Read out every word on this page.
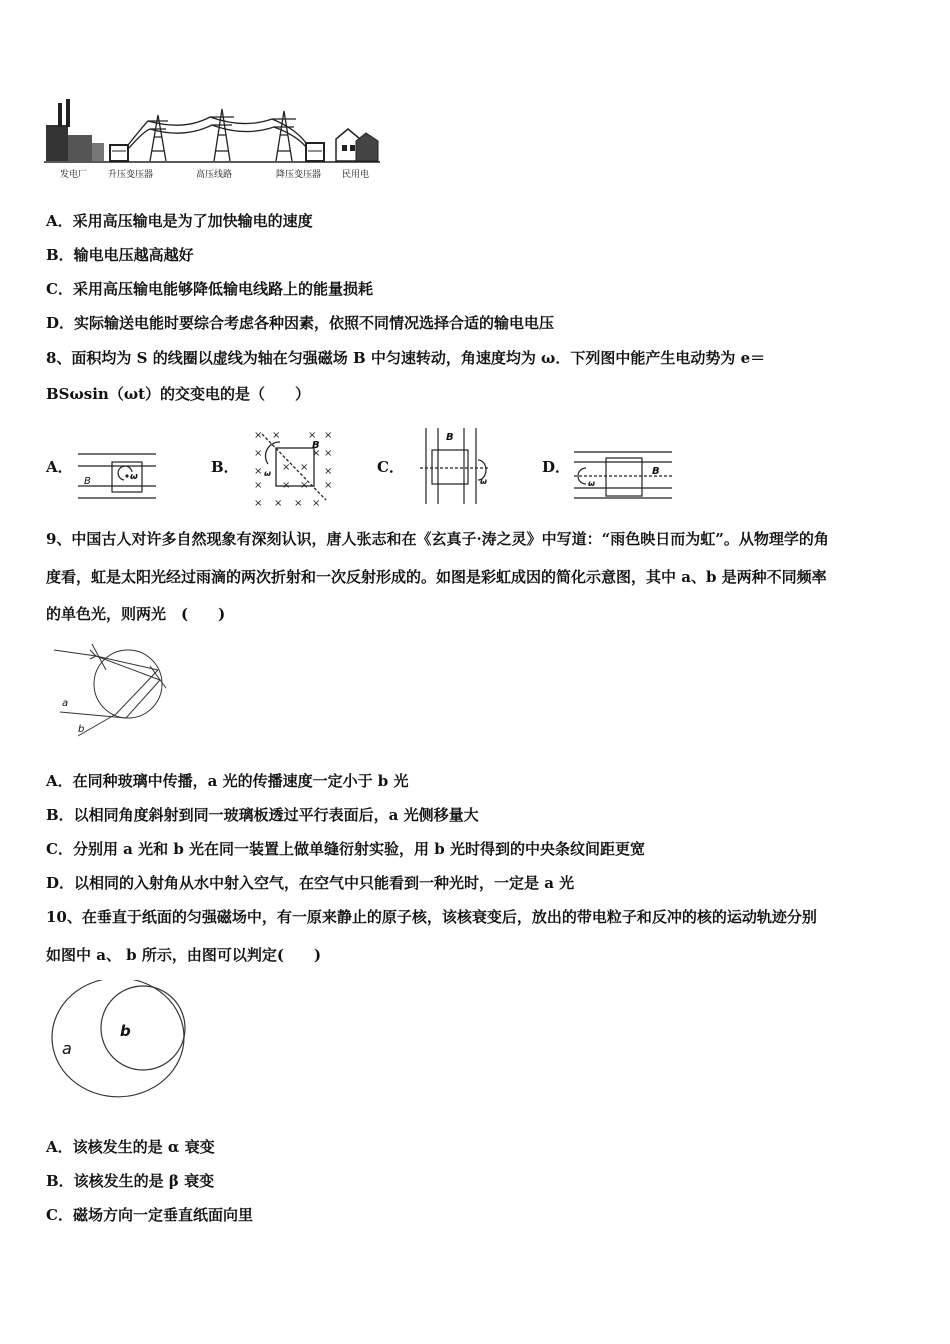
发电厂 升压变压器	高压线路	降压变压器 民用电
A．采用高压输电是为了加快输电的速度
B．输电电压越高越好
C．采用高压输电能够降低输电线路上的能量损耗
D．实际输送电能时要综合考虑各种因素，依照不同情况选择合适的输电电压
8、面积均为 S 的线圈以虚线为轴在匀强磁场 B 中匀速转动，角速度均为 ω．下列图中能产生电动势为 e＝
BSωsin（ωt）的交变电的是（　　）
A．
ω
B
B．
× ×	× ×
×	× ×
× × × ×
× × × ×
× × × ×
B
ω	C．
B
ω
D．	B
ω
9、中国古人对许多自然现象有深刻认识，唐人张志和在《玄真子·涛之灵》中写道：“雨色映日而为虹”。从物理学的角
度看，虹是太阳光经过雨滴的两次折射和一次反射形成的。如图是彩虹成因的简化示意图，其中 a、b 是两种不同频率
的单色光，则两光　(　　)
a
b
A．在同种玻璃中传播，a 光的传播速度一定小于 b 光
B．以相同角度斜射到同一玻璃板透过平行表面后，a 光侧移量大
C．分别用 a 光和 b 光在同一装置上做单缝衍射实验，用 b 光时得到的中央条纹间距更宽
D．以相同的入射角从水中射入空气，在空气中只能看到一种光时，一定是 a 光
10、在垂直于纸面的匀强磁场中，有一原来静止的原子核，该核衰变后，放出的带电粒子和反冲的核的运动轨迹分别
如图中 a、 b 所示，由图可以判定(　　)
a
b
A．该核发生的是 α 衰变
B．该核发生的是 β 衰变
C．磁场方向一定垂直纸面向里
